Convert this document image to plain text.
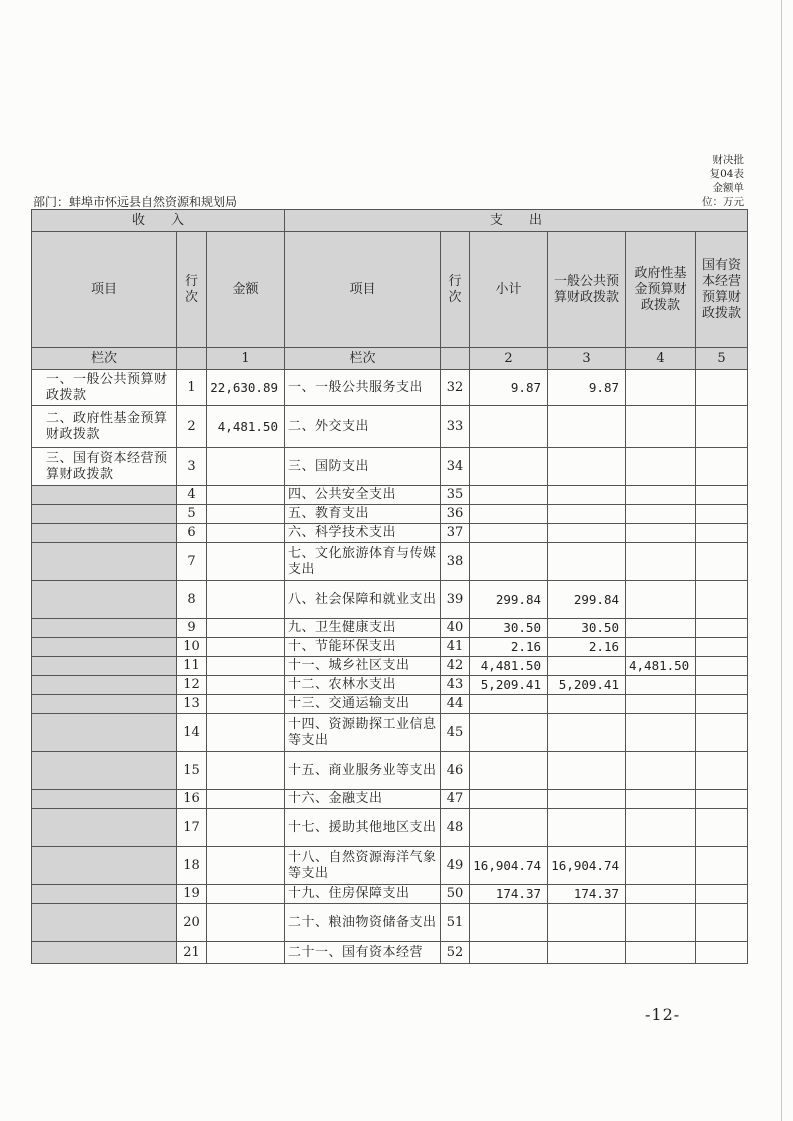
财决批
复04表
金额单
位：万元
部门：蚌埠市怀远县自然资源和规划局
收　　入			支　　出					
项目	行次	金额	项目	行次	小计	一般公共预算财政拨款	政府性基金预算财政拨款	国有资本经营预算财政拨款
栏次		1	栏次		2	3	4	5
一、一般公共预算财政拨款	1	22,630.89	一、一般公共服务支出	32	9.87	9.87		
二、政府性基金预算财政拨款	2	4,481.50	二、外交支出	33				
三、国有资本经营预算财政拨款	3		三、国防支出	34				
	4		四、公共安全支出	35				
	5		五、教育支出	36				
	6		六、科学技术支出	37				
	7		七、文化旅游体育与传媒支出	38				
	8		八、社会保障和就业支出	39	299.84	299.84		
	9		九、卫生健康支出	40	30.50	30.50		
	10		十、节能环保支出	41	2.16	2.16		
	11		十一、城乡社区支出	42	4,481.50		4,481.50	
	12		十二、农林水支出	43	5,209.41	5,209.41		
	13		十三、交通运输支出	44				
	14		十四、资源勘探工业信息等支出	45				
	15		十五、商业服务业等支出	46				
	16		十六、金融支出	47				
	17		十七、援助其他地区支出	48				
	18		十八、自然资源海洋气象等支出	49	16,904.74	16,904.74		
	19		十九、住房保障支出	50	174.37	174.37		
	20		二十、粮油物资储备支出	51				
	21		二十一、国有资本经营	52				
-12-
